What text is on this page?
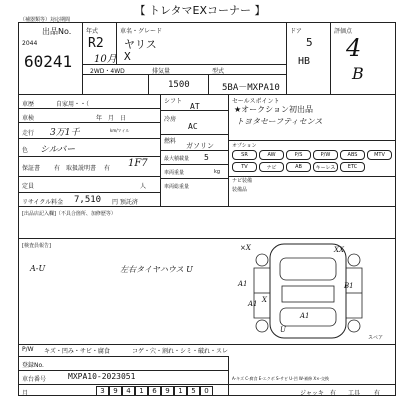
【 トレタマEXコーナー 】
（補器類等）対応期間
出品No.
2044
60241
年式
R2
10月
車名・グレード
ヤリス
X
ドア
5
HB
評価点
4
B
2WD・4WD	排気量
1500
型式
5BA－MXPA10
車歴	自家用・・（
車検	年　月　日
走行 3万1千	km/マイル
色 シルバー
保証書 有 取扱説明書 有 1F7
定員	人
リサイクル料金 7,510 円 預託済
シフト
AT
冷房
AC
燃料
ガソリン
最大積載量 5
車両重量	kg
車両総重量
セールスポイント
★オークション初出品
トヨタセーフティセンス
オプション
SR	AW	P/S	P/W	ABS	MTV
TV	ナビ	AB	キーレス	ETC
ナビ装備
装備品
[出品店記入欄]（不具合箇所、加修歴等）
[検査員報告]
A-U	左右タイヤハウス U
×X	XX
A1	B1
X
A1
A1
U
スペア
P/W キズ・凹み・サビ・腐食	コゲ・穴・割れ・シミ・破れ・スレ
登録No.
車台番号	MXPA10-2023051	A-キズ C-腐食 E-エクボ S-サビ U-凹 W-補修 X×-交換
3	9	4	1	6	9	1	5	0
月	ジャッキ 有 工具 有
